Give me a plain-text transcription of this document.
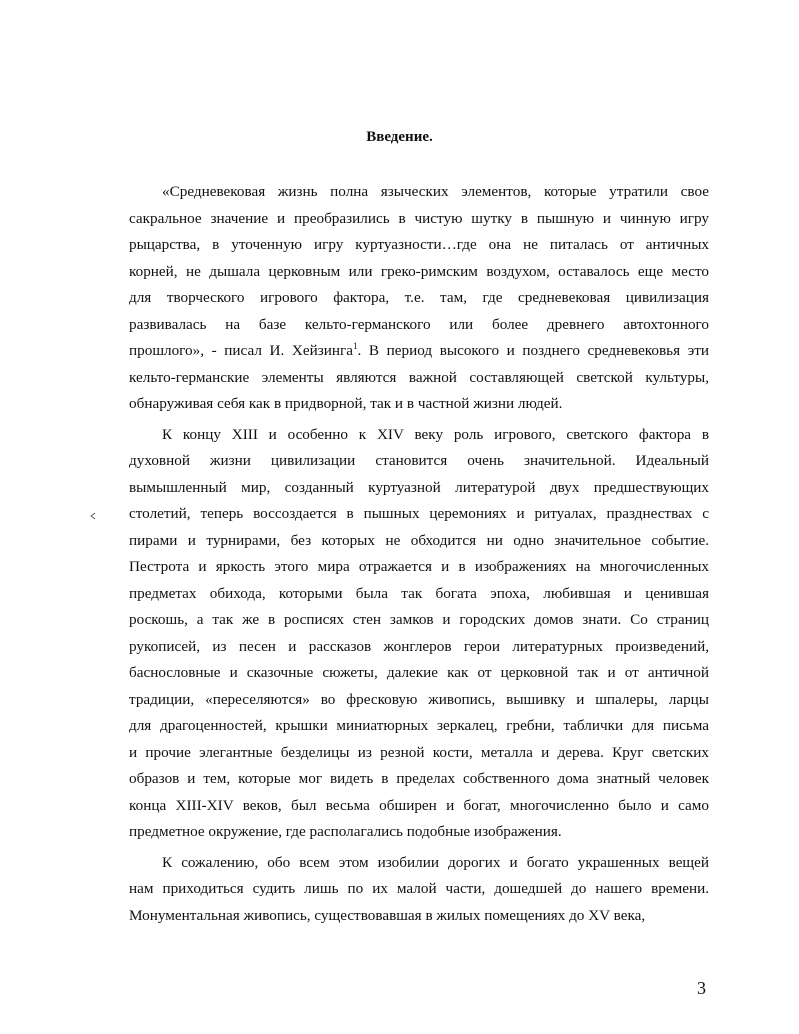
Введение.
«Средневековая жизнь полна языческих элементов, которые утратили свое
сакральное значение и преобразились в чистую шутку в пышную и чинную игру
рыцарства, в уточенную игру куртуазности…где она не питалась от античных
корней, не дышала церковным или греко-римским воздухом, оставалось еще место
для творческого игрового фактора, т.е. там, где средневековая цивилизация
развивалась на базе кельто-германского или более древнего автохтонного
прошлого», - писал И. Хейзинга$^1$. В период высокого и позднего средневековья эти
кельто-германские элементы являются важной составляющей светской культуры,
обнаруживая себя как в придворной, так и в частной жизни людей.
К концу XIII и особенно к XIV веку роль игрового, светского фактора в
духовной жизни цивилизации становится очень значительной. Идеальный
вымышленный мир, созданный куртуазной литературой двух предшествующих
столетий, теперь воссоздается в пышных церемониях и ритуалах, празднествах с
пирами и турнирами, без которых не обходится ни одно значительное событие.
Пестрота и яркость этого мира отражается и в изображениях на многочисленных
предметах обихода, которыми была так богата эпоха, любившая и ценившая
роскошь, а так же в росписях стен замков и городских домов знати. Со страниц
рукописей, из песен и рассказов жонглеров герои литературных произведений,
баснословные и сказочные сюжеты, далекие как от церковной так и от античной
традиции, «переселяются» во фресковую живопись, вышивку и шпалеры, ларцы
для драгоценностей, крышки миниатюрных зеркалец, гребни, таблички для письма
и прочие элегантные безделицы из резной кости, металла и дерева. Круг светских
образов и тем, которые мог видеть в пределах собственного дома знатный человек
конца XIII-XIV веков, был весьма обширен и богат, многочисленно было и само
предметное окружение, где располагались подобные изображения.
К сожалению, обо всем этом изобилии дорогих и богато украшенных вещей
нам приходиться судить лишь по их малой части, дошедшей до нашего времени.
Монументальная живопись, существовавшая в жилых помещениях до XV века,
3
